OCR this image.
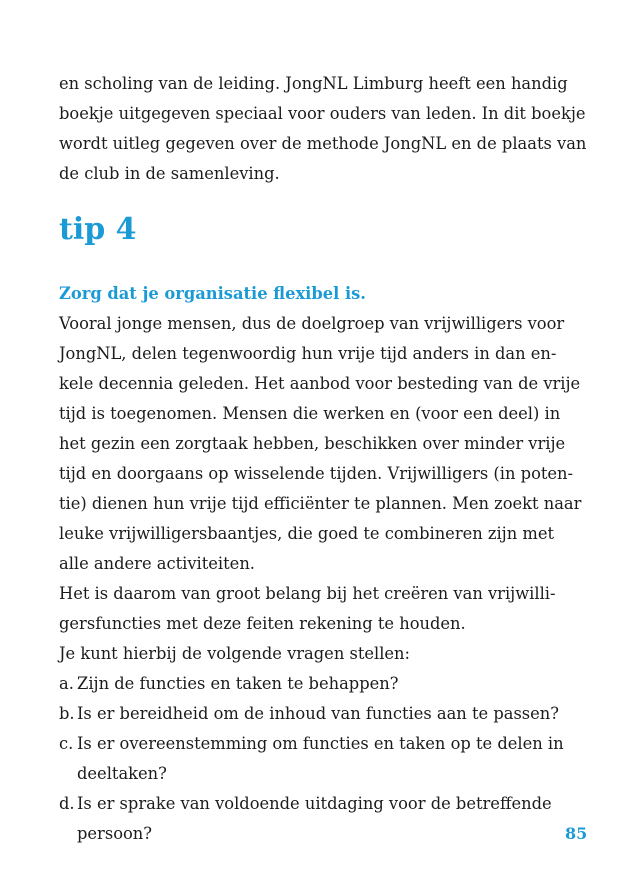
en scholing van de leiding. JongNL Limburg heeft een handig
boekje uitgegeven speciaal voor ouders van leden. In dit boekje
wordt uitleg gegeven over de methode JongNL en de plaats van
de club in de samenleving.
tip 4
Zorg dat je organisatie flexibel is.
Vooral jonge mensen, dus de doelgroep van vrijwilligers voor
JongNL, delen tegenwoordig hun vrije tijd anders in dan en-
kele decennia geleden. Het aanbod voor besteding van de vrije
tijd is toegenomen. Mensen die werken en (voor een deel) in
het gezin een zorgtaak hebben, beschikken over minder vrije
tijd en doorgaans op wisselende tijden. Vrijwilligers (in poten-
tie) dienen hun vrije tijd efficiënter te plannen. Men zoekt naar
leuke vrijwilligersbaantjes, die goed te combineren zijn met
alle andere activiteiten.
Het is daarom van groot belang bij het creëren van vrijwilli-
gersfuncties met deze feiten rekening te houden.
Je kunt hierbij de volgende vragen stellen:
a. Zijn de functies en taken te behappen?
b. Is er bereidheid om de inhoud van functies aan te passen?
c. Is er overeenstemming om functies en taken op te delen in
deeltaken?
d. Is er sprake van voldoende uitdaging voor de betreffende
persoon?	85
